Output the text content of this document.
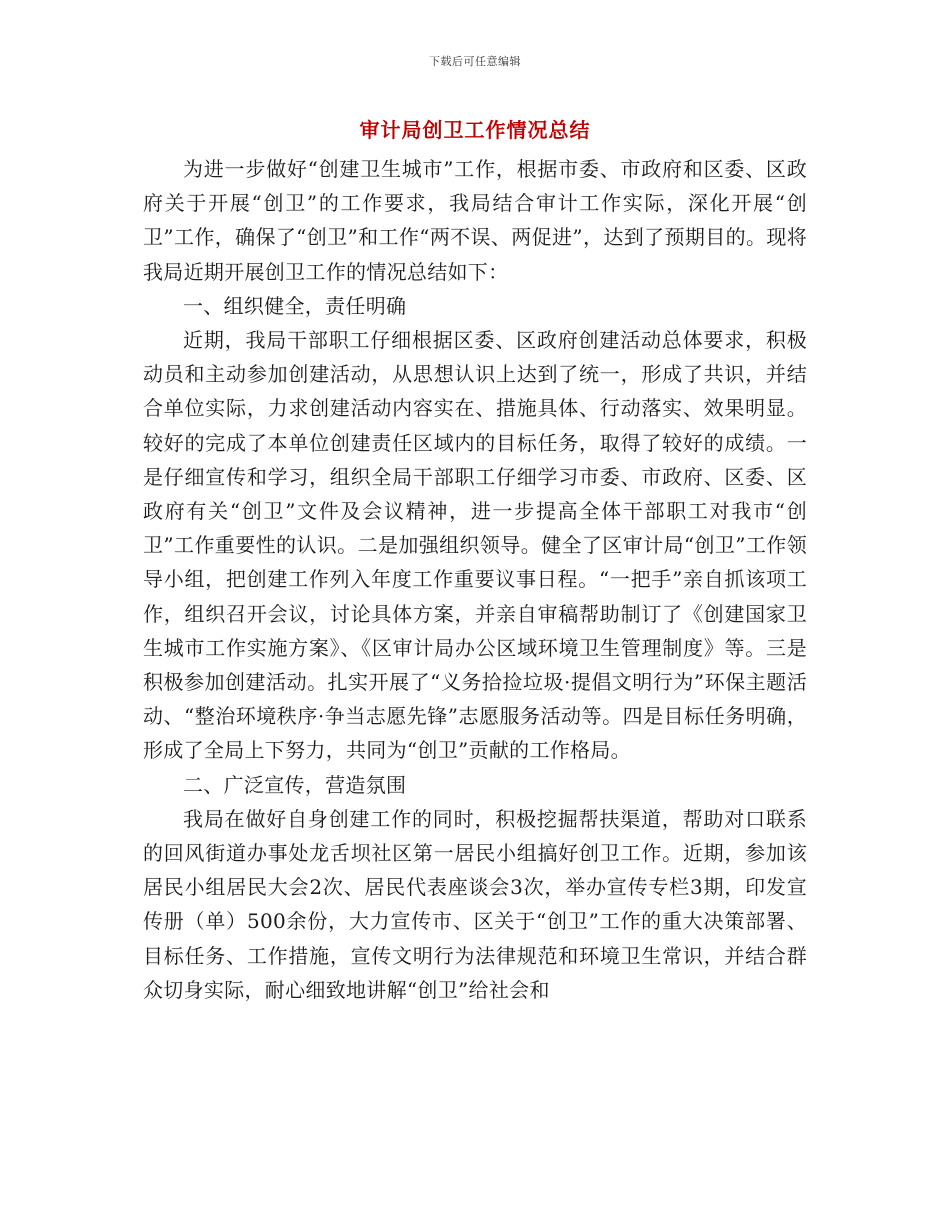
下载后可任意编辑
审计局创卫工作情况总结

为进一步做好“创建卫生城市”工作，根据市委、市政府和区委、区政府关于开展“创卫”的工作要求，我局结合审计工作实际，深化开展“创卫”工作，确保了“创卫”和工作“两不误、两促进”，达到了预期目的。现将我局近期开展创卫工作的情况总结如下：

一、组织健全，责任明确

近期，我局干部职工仔细根据区委、区政府创建活动总体要求，积极动员和主动参加创建活动，从思想认识上达到了统一，形成了共识，并结合单位实际，力求创建活动内容实在、措施具体、行动落实、效果明显。较好的完成了本单位创建责任区域内的目标任务，取得了较好的成绩。一是仔细宣传和学习，组织全局干部职工仔细学习市委、市政府、区委、区政府有关“创卫”文件及会议精神，进一步提高全体干部职工对我市“创卫”工作重要性的认识。二是加强组织领导。健全了区审计局“创卫”工作领导小组，把创建工作列入年度工作重要议事日程。“一把手”亲自抓该项工作，组织召开会议，讨论具体方案，并亲自审稿帮助制订了《创建国家卫生城市工作实施方案》、《区审计局办公区域环境卫生管理制度》等。三是积极参加创建活动。扎实开展了“义务拾捡垃圾·提倡文明行为”环保主题活动、“整治环境秩序·争当志愿先锋”志愿服务活动等。四是目标任务明确，形成了全局上下努力，共同为“创卫”贡献的工作格局。

二、广泛宣传，营造氛围

我局在做好自身创建工作的同时，积极挖掘帮扶渠道，帮助对口联系的回风街道办事处龙舌坝社区第一居民小组搞好创卫工作。近期，参加该居民小组居民大会2次、居民代表座谈会3次，举办宣传专栏3期，印发宣传册（单）500余份，大力宣传市、区关于“创卫”工作的重大决策部署、目标任务、工作措施，宣传文明行为法律规范和环境卫生常识，并结合群众切身实际，耐心细致地讲解“创卫”给社会和
